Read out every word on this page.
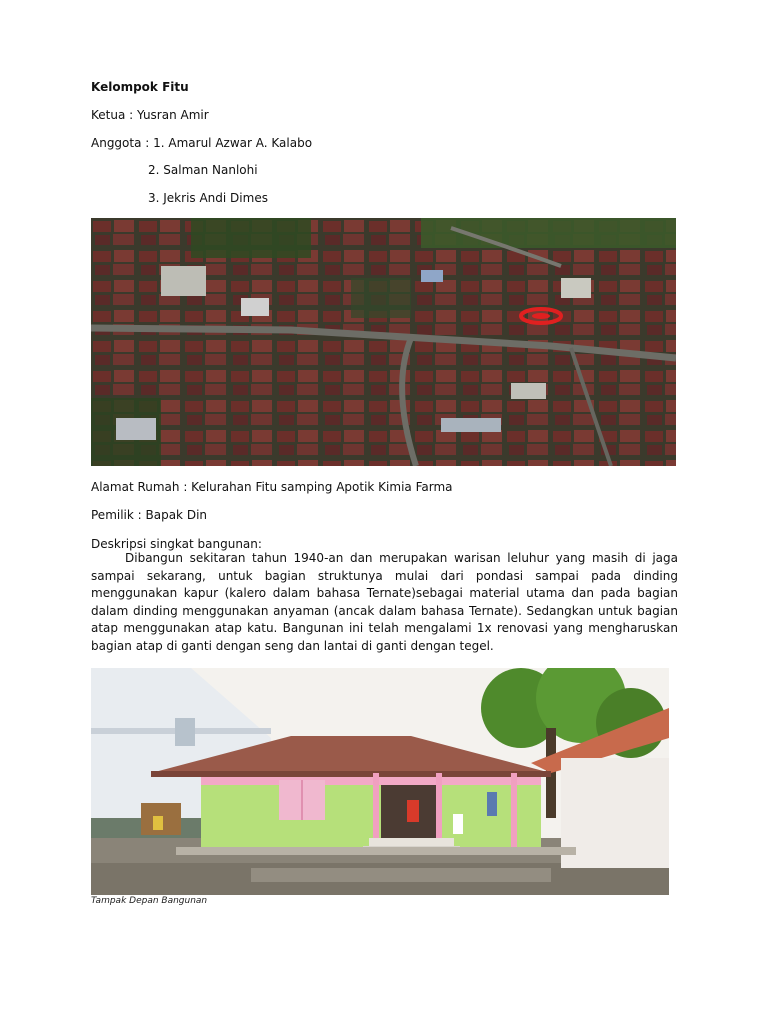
Kelompok Fitu
Ketua : Yusran Amir
Anggota : 1. Amarul Azwar A. Kalabo
2. Salman Nanlohi
3. Jekris Andi Dimes
Alamat Rumah : Kelurahan Fitu samping Apotik Kimia Farma
Pemilik : Bapak Din
Deskripsi singkat bangunan:
Dibangun sekitaran tahun 1940-an dan merupakan warisan leluhur yang masih di jaga sampai sekarang, untuk bagian struktunya mulai dari pondasi sampai pada dinding menggunakan kapur (kalero dalam bahasa Ternate)sebagai material utama dan pada bagian dalam dinding menggunakan anyaman (ancak dalam bahasa Ternate). Sedangkan untuk bagian atap menggunakan atap katu. Bangunan ini telah mengalami 1x renovasi yang mengharuskan bagian atap di ganti dengan seng dan lantai di ganti dengan tegel.
Tampak Depan Bangunan
